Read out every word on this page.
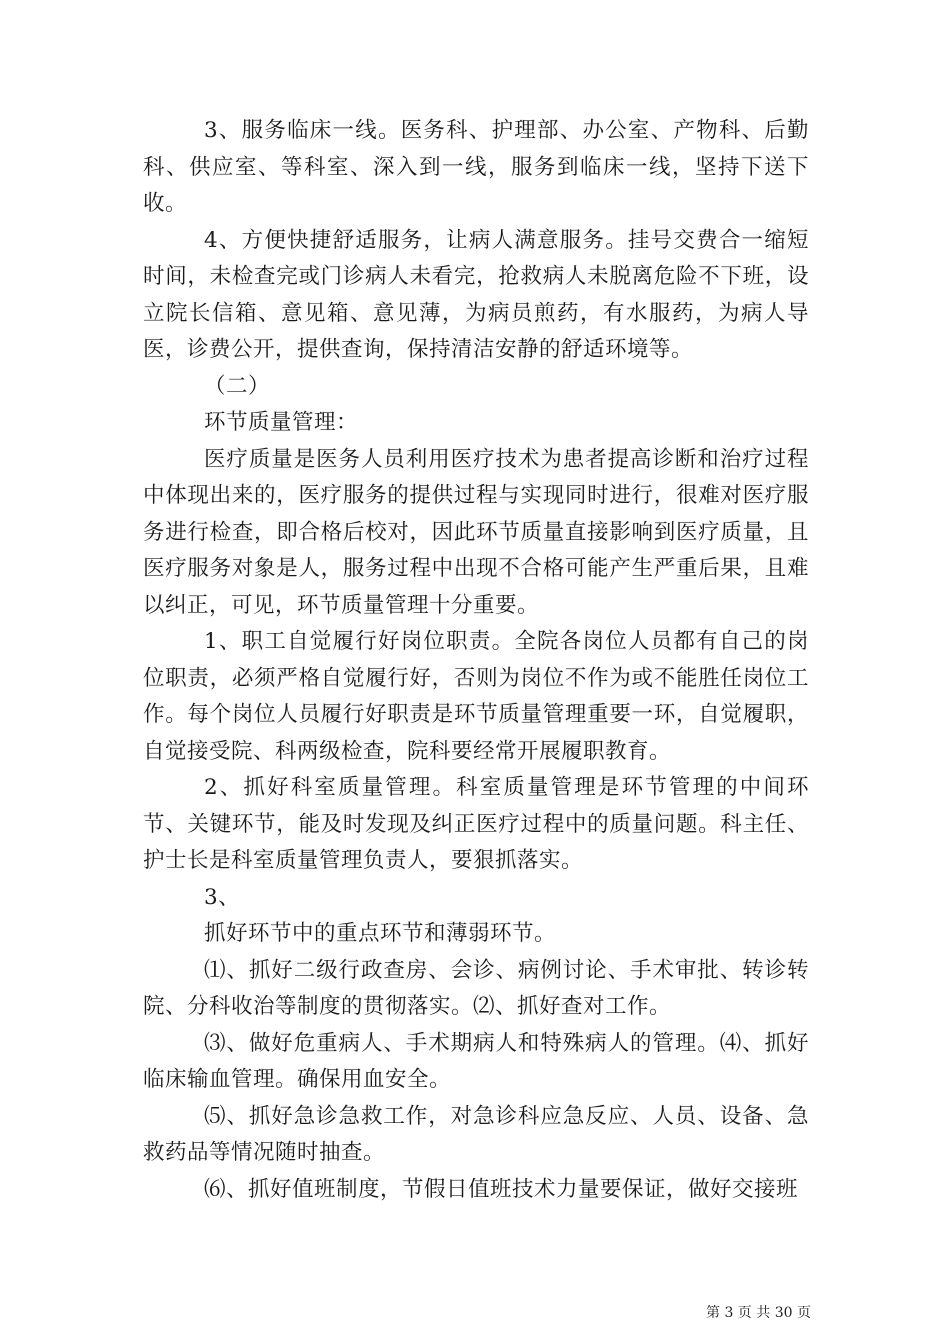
3、服务临床一线。医务科、护理部、办公室、产物科、后勤科、供应室、等科室、深入到一线，服务到临床一线，坚持下送下收。

4、方便快捷舒适服务，让病人满意服务。挂号交费合一缩短时间，未检查完或门诊病人未看完，抢救病人未脱离危险不下班，设立院长信箱、意见箱、意见薄，为病员煎药，有水服药，为病人导医，诊费公开，提供查询，保持清洁安静的舒适环境等。

（二）

环节质量管理：

医疗质量是医务人员利用医疗技术为患者提高诊断和治疗过程中体现出来的，医疗服务的提供过程与实现同时进行，很难对医疗服务进行检查，即合格后校对，因此环节质量直接影响到医疗质量，且医疗服务对象是人，服务过程中出现不合格可能产生严重后果，且难以纠正，可见，环节质量管理十分重要。

1、职工自觉履行好岗位职责。全院各岗位人员都有自己的岗位职责，必须严格自觉履行好，否则为岗位不作为或不能胜任岗位工作。每个岗位人员履行好职责是环节质量管理重要一环，自觉履职，自觉接受院、科两级检查，院科要经常开展履职教育。

2、抓好科室质量管理。科室质量管理是环节管理的中间环节、关键环节，能及时发现及纠正医疗过程中的质量问题。科主任、护士长是科室质量管理负责人，要狠抓落实。

3、

抓好环节中的重点环节和薄弱环节。

⑴、抓好二级行政查房、会诊、病例讨论、手术审批、转诊转院、分科收治等制度的贯彻落实。⑵、抓好查对工作。

⑶、做好危重病人、手术期病人和特殊病人的管理。⑷、抓好临床输血管理。确保用血安全。

⑸、抓好急诊急救工作，对急诊科应急反应、人员、设备、急救药品等情况随时抽查。

⑹、抓好值班制度，节假日值班技术力量要保证，做好交接班

第 3 页 共 30 页
